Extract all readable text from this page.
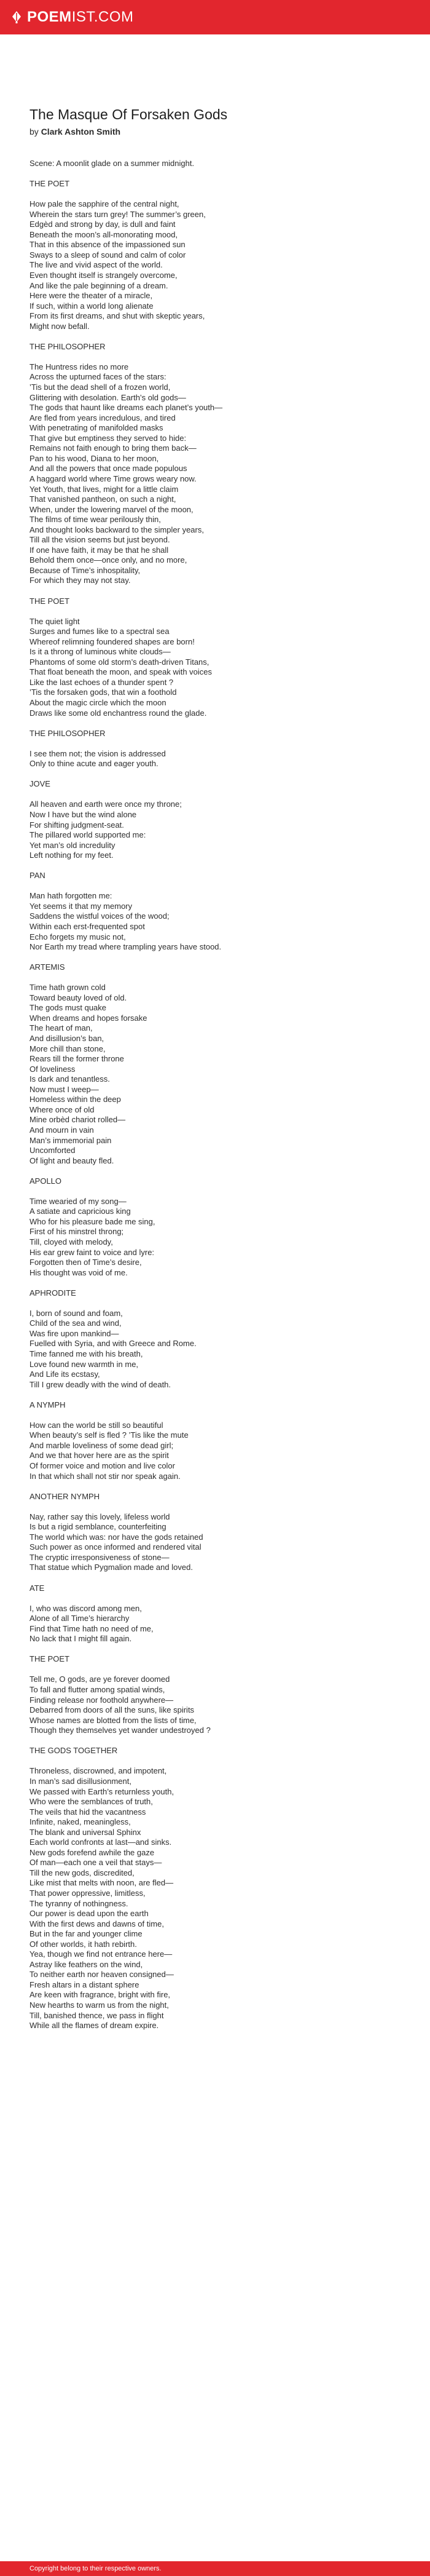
POEMIST.COM
The Masque Of Forsaken Gods
by Clark Ashton Smith
Scene: A moonlit glade on a summer midnight.
THE POET
How pale the sapphire of the central night,
Wherein the stars turn grey! The summer’s green,
Edgèd and strong by day, is dull and faint
Beneath the moon’s all-monorating mood,
That in this absence of the impassioned sun
Sways to a sleep of sound and calm of color
The live and vivid aspect of the world.
Even thought itself is strangely overcome,
And like the pale beginning of a dream.
Here were the theater of a miracle,
If such, within a world long alienate
From its first dreams, and shut with skeptic years,
Might now befall.
THE PHILOSOPHER
The Huntress rides no more
Across the upturned faces of the stars:
’Tis but the dead shell of a frozen world,
Glittering with desolation. Earth’s old gods—
The gods that haunt like dreams each planet’s youth—
Are fled from years incredulous, and tired
With penetrating of manifolded masks
That give but emptiness they served to hide:
Remains not faith enough to bring them back—
Pan to his wood, Diana to her moon,
And all the powers that once made populous
A haggard world where Time grows weary now.
Yet Youth, that lives, might for a little claim
That vanished pantheon, on such a night,
When, under the lowering marvel of the moon,
The films of time wear perilously thin,
And thought looks backward to the simpler years,
Till all the vision seems but just beyond.
If one have faith, it may be that he shall
Behold them once—once only, and no more,
Because of Time’s inhospitality,
For which they may not stay.
THE POET
The quiet light
Surges and fumes like to a spectral sea
Whereof relimning foundered shapes are born!
Is it a throng of luminous white clouds—
Phantoms of some old storm’s death-driven Titans,
That float beneath the moon, and speak with voices
Like the last echoes of a thunder spent ?
’Tis the forsaken gods, that win a foothold
About the magic circle which the moon
Draws like some old enchantress round the glade.
THE PHILOSOPHER
I see them not; the vision is addressed
Only to thine acute and eager youth.
JOVE
All heaven and earth were once my throne;
Now I have but the wind alone
For shifting judgment-seat.
The pillared world supported me:
Yet man’s old incredulity
Left nothing for my feet.
PAN
Man hath forgotten me:
Yet seems it that my memory
Saddens the wistful voices of the wood;
Within each erst-frequented spot
Echo forgets my music not,
Nor Earth my tread where trampling years have stood.
ARTEMIS
Time hath grown cold
Toward beauty loved of old.
The gods must quake
When dreams and hopes forsake
The heart of man,
And disillusion’s ban,
More chill than stone,
Rears till the former throne
Of loveliness
Is dark and tenantless.
Now must I weep—
Homeless within the deep
Where once of old
Mine orbèd chariot rolled—
And mourn in vain
Man’s immemorial pain
Uncomforted
Of light and beauty fled.
APOLLO
Time wearied of my song—
A satiate and capricious king
Who for his pleasure bade me sing,
First of his minstrel throng;
Till, cloyed with melody,
His ear grew faint to voice and lyre:
Forgotten then of Time’s desire,
His thought was void of me.
APHRODITE
I, born of sound and foam,
Child of the sea and wind,
Was fire upon mankind—
Fuelled with Syria, and with Greece and Rome.
Time fanned me with his breath,
Love found new warmth in me,
And Life its ecstasy,
Till I grew deadly with the wind of death.
A NYMPH
How can the world be still so beautiful
When beauty’s self is fled ? ’Tis like the mute
And marble loveliness of some dead girl;
And we that hover here are as the spirit
Of former voice and motion and live color
In that which shall not stir nor speak again.
ANOTHER NYMPH
Nay, rather say this lovely, lifeless world
Is but a rigid semblance, counterfeiting
The world which was: nor have the gods retained
Such power as once informed and rendered vital
The cryptic irresponsiveness of stone—
That statue which Pygmalion made and loved.
ATE
I, who was discord among men,
Alone of all Time’s hierarchy
Find that Time hath no need of me,
No lack that I might fill again.
THE POET
Tell me, O gods, are ye forever doomed
To fall and flutter among spatial winds,
Finding release nor foothold anywhere—
Debarred from doors of all the suns, like spirits
Whose names are blotted from the lists of time,
Though they themselves yet wander undestroyed ?
THE GODS TOGETHER
Throneless, discrowned, and impotent,
In man’s sad disillusionment,
We passed with Earth’s returnless youth,
Who were the semblances of truth,
The veils that hid the vacantness
Infinite, naked, meaningless,
The blank and universal Sphinx
Each world confronts at last—and sinks.
New gods forefend awhile the gaze
Of man—each one a veil that stays—
Till the new gods, discredited,
Like mist that melts with noon, are fled—
That power oppressive, limitless,
The tyranny of nothingness.
Our power is dead upon the earth
With the first dews and dawns of time,
But in the far and younger clime
Of other worlds, it hath rebirth.
Yea, though we find not entrance here—
Astray like feathers on the wind,
To neither earth nor heaven consigned—
Fresh altars in a distant sphere
Are keen with fragrance, bright with fire,
New hearths to warm us from the night,
Till, banished thence, we pass in flight
While all the flames of dream expire.
Copyright belong to their respective owners.
